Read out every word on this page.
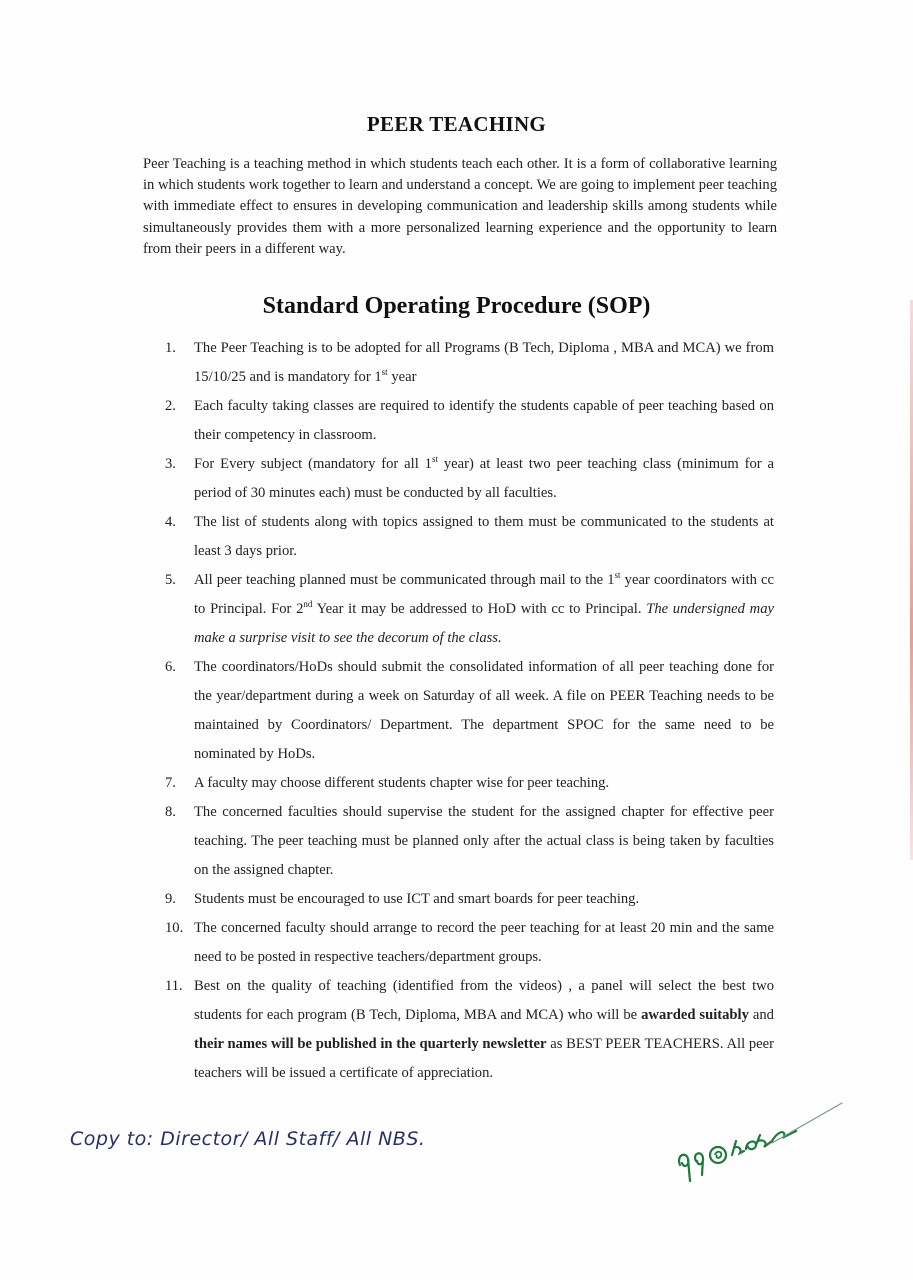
PEER TEACHING

Peer Teaching is a teaching method in which students teach each other. It is a form of collaborative learning in which students work together to learn and understand a concept. We are going to implement peer teaching with immediate effect to ensures in developing communication and leadership skills among students while simultaneously provides them with a more personalized learning experience and the opportunity to learn from their peers in a different way.

Standard Operating Procedure (SOP)
1.	The Peer Teaching is to be adopted for all Programs (B Tech, Diploma , MBA and MCA) we from 15/10/25 and is mandatory for 1st year
2.	Each faculty taking classes are required to identify the students capable of peer teaching based on their competency in classroom.
3.	For Every subject (mandatory for all 1st year) at least two peer teaching class (minimum for a period of 30 minutes each) must be conducted by all faculties.
4.	The list of students along with topics assigned to them must be communicated to the students at least 3 days prior.
5.	All peer teaching planned must be communicated through mail to the 1st year coordinators with cc to Principal. For 2nd Year it may be addressed to HoD with cc to Principal. The undersigned may make a surprise visit to see the decorum of the class.
6.	The coordinators/HoDs should submit the consolidated information of all peer teaching done for the year/department during a week on Saturday of all week. A file on PEER Teaching needs to be maintained by Coordinators/ Department. The department SPOC for the same need to be nominated by HoDs.
7.	A faculty may choose different students chapter wise for peer teaching.
8.	The concerned faculties should supervise the student for the assigned chapter for effective peer teaching. The peer teaching must be planned only after the actual class is being taken by faculties on the assigned chapter.
9.	Students must be encouraged to use ICT and smart boards for peer teaching.
10. The concerned faculty should arrange to record the peer teaching for at least 20 min and the same need to be posted in respective teachers/department groups.
11. Best on the quality of teaching (identified from the videos) , a panel will select the best two students for each program (B Tech, Diploma, MBA and MCA) who will be awarded suitably and their names will be published in the quarterly newsletter as BEST PEER TEACHERS. All peer teachers will be issued a certificate of appreciation.
Copy to: Director/ All Staff/ All NBS.
